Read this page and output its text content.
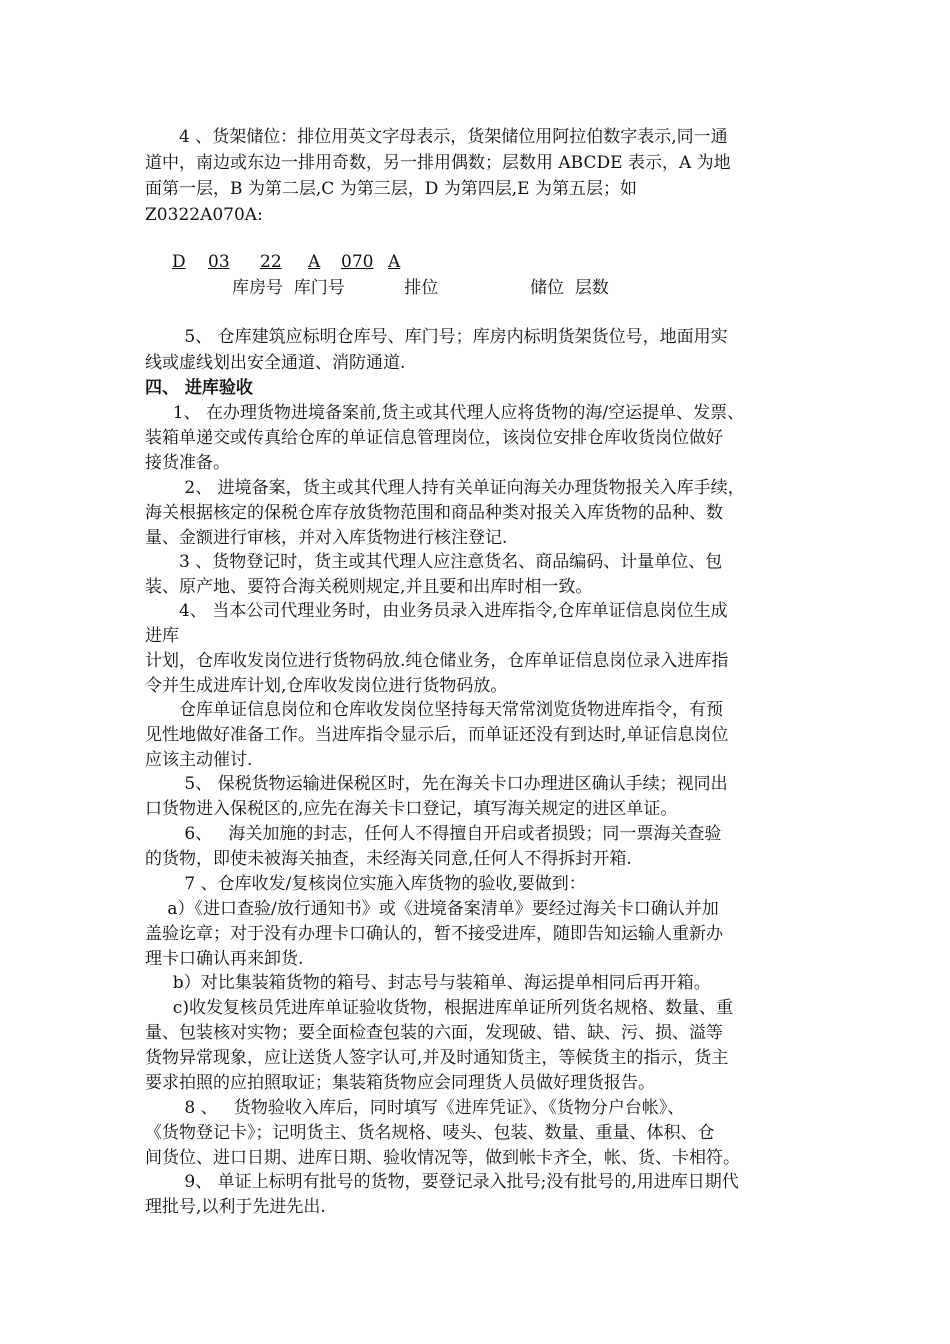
　　4 、货架储位：排位用英文字母表示，货架储位用阿拉伯数字表示,同一通
道中，南边或东边一排用奇数，另一排用偶数；层数用 ABCDE 表示，A 为地
面第一层，B 为第二层,C 为第三层，D 为第四层,E 为第五层；如
Z0322A070A:
D 03 22 A 070 A
库房号  库门号           排位                 储位  层数
　　 5、 仓库建筑应标明仓库号、库门号；库房内标明货架货位号，地面用实
线或虚线划出安全通道、消防通道.
四、 进库验收
　  1、 在办理货物进境备案前,货主或其代理人应将货物的海/空运提单、发票、
装箱单递交或传真给仓库的单证信息管理岗位，该岗位安排仓库收货岗位做好
接货准备。
　　 2、 进境备案，货主或其代理人持有关单证向海关办理货物报关入库手续，
海关根据核定的保税仓库存放货物范围和商品种类对报关入库货物的品种、数
量、金额进行审核，并对入库货物进行核注登记.
　　3 、货物登记时，货主或其代理人应注意货名、商品编码、计量单位、包
装、原产地、要符合海关税则规定,并且要和出库时相一致。
　　4、 当本公司代理业务时，由业务员录入进库指令,仓库单证信息岗位生成
进库
计划，仓库收发岗位进行货物码放.纯仓储业务，仓库单证信息岗位录入进库指
令并生成进库计划,仓库收发岗位进行货物码放。
　　仓库单证信息岗位和仓库收发岗位坚持每天常常浏览货物进库指令，有预
见性地做好准备工作。当进库指令显示后，而单证还没有到达时,单证信息岗位
应该主动催讨.
　　 5、 保税货物运输进保税区时，先在海关卡口办理进区确认手续；视同出
口货物进入保税区的,应先在海关卡口登记，填写海关规定的进区单证。
　　 6、   海关加施的封志，任何人不得擅自开启或者损毁；同一票海关查验
的货物，即使未被海关抽查，未经海关同意,任何人不得拆封开箱.
　　 7 、仓库收发/复核岗位实施入库货物的验收,要做到：
　 a）《进口查验/放行通知书》或《进境备案清单》要经过海关卡口确认并加
盖验讫章；对于没有办理卡口确认的，暂不接受进库，随即告知运输人重新办
理卡口确认再来卸货.
　  b）对比集装箱货物的箱号、封志号与装箱单、海运提单相同后再开箱。
　  c)收发复核员凭进库单证验收货物，根据进库单证所列货名规格、数量、重
量、包装核对实物；要全面检查包装的六面，发现破、错、缺、污、损、溢等
货物异常现象，应让送货人签字认可,并及时通知货主，等候货主的指示，货主
要求拍照的应拍照取证；集装箱货物应会同理货人员做好理货报告。
　　 8 、   货物验收入库后，同时填写《进库凭证》、《货物分户台帐》、
《货物登记卡》；记明货主、货名规格、唛头、包装、数量、重量、体积、仓
间货位、进口日期、进库日期、验收情况等，做到帐卡齐全，帐、货、卡相符。
　　 9、 单证上标明有批号的货物，要登记录入批号;没有批号的,用进库日期代
理批号,以利于先进先出.
